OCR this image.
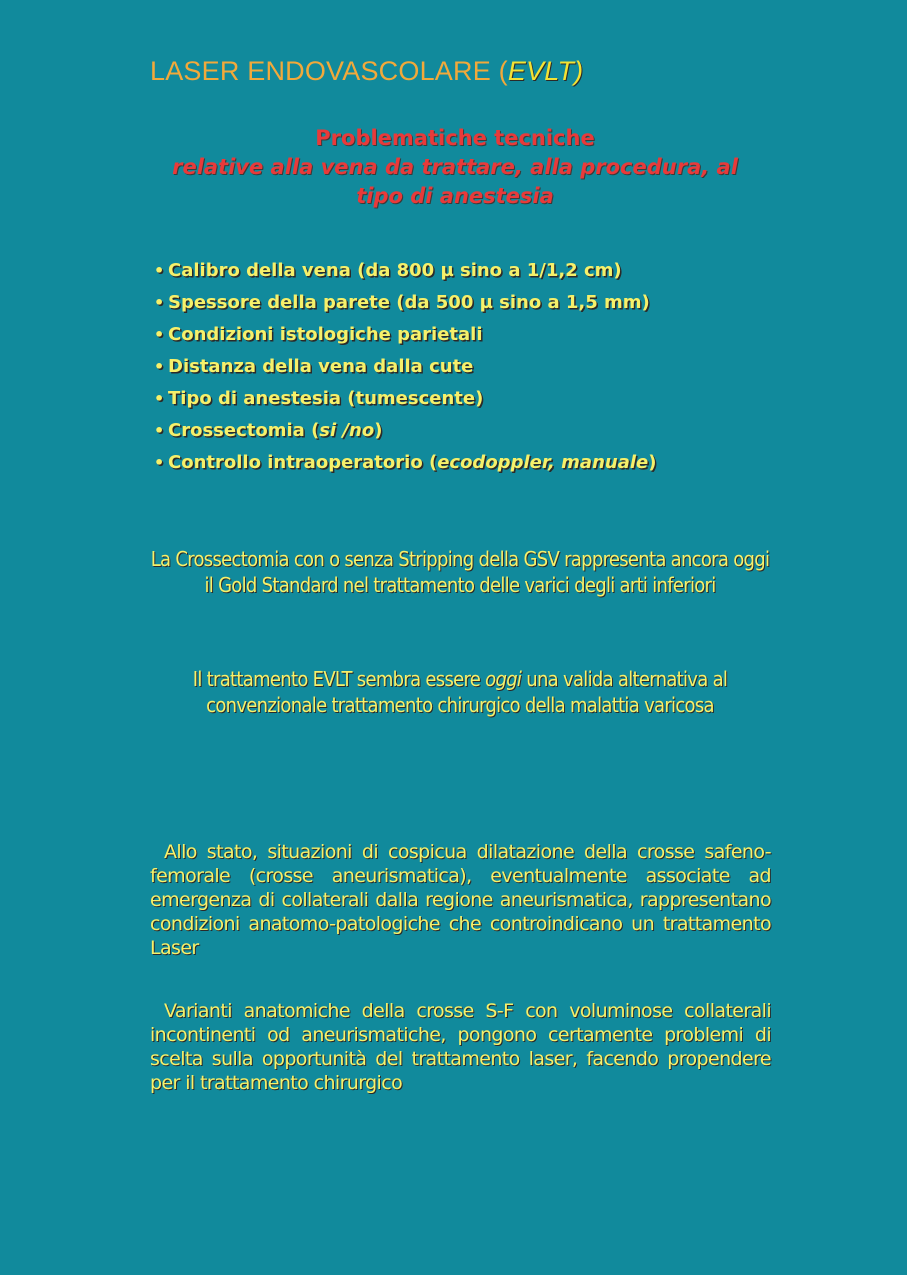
LASER ENDOVASCOLARE (EVLT)
Problematiche tecniche
relative alla vena da trattare, alla procedura, al tipo di anestesia
• Calibro della vena (da 800 µ sino a 1/1,2 cm)
• Spessore della parete (da 500 µ sino a 1,5 mm)
• Condizioni istologiche parietali
• Distanza della vena dalla cute
• Tipo di anestesia (tumescente)
• Crossectomia (si /no)
• Controllo intraoperatorio (ecodoppler, manuale)
La Crossectomia con o senza Stripping della GSV rappresenta ancora oggi il Gold Standard nel trattamento delle varici degli arti inferiori
Il trattamento EVLT sembra essere oggi una valida alternativa al convenzionale trattamento chirurgico della malattia varicosa
Allo stato, situazioni di cospicua dilatazione della crosse safeno-femorale (crosse aneurismatica), eventualmente associate ad emergenza di collaterali dalla regione aneurismatica, rappresentano condizioni anatomo-patologiche che controindicano un trattamento Laser
Varianti anatomiche della crosse S-F con voluminose collaterali incontinenti od aneurismatiche, pongono certamente problemi di scelta sulla opportunità del trattamento laser, facendo propendere per il trattamento chirurgico
